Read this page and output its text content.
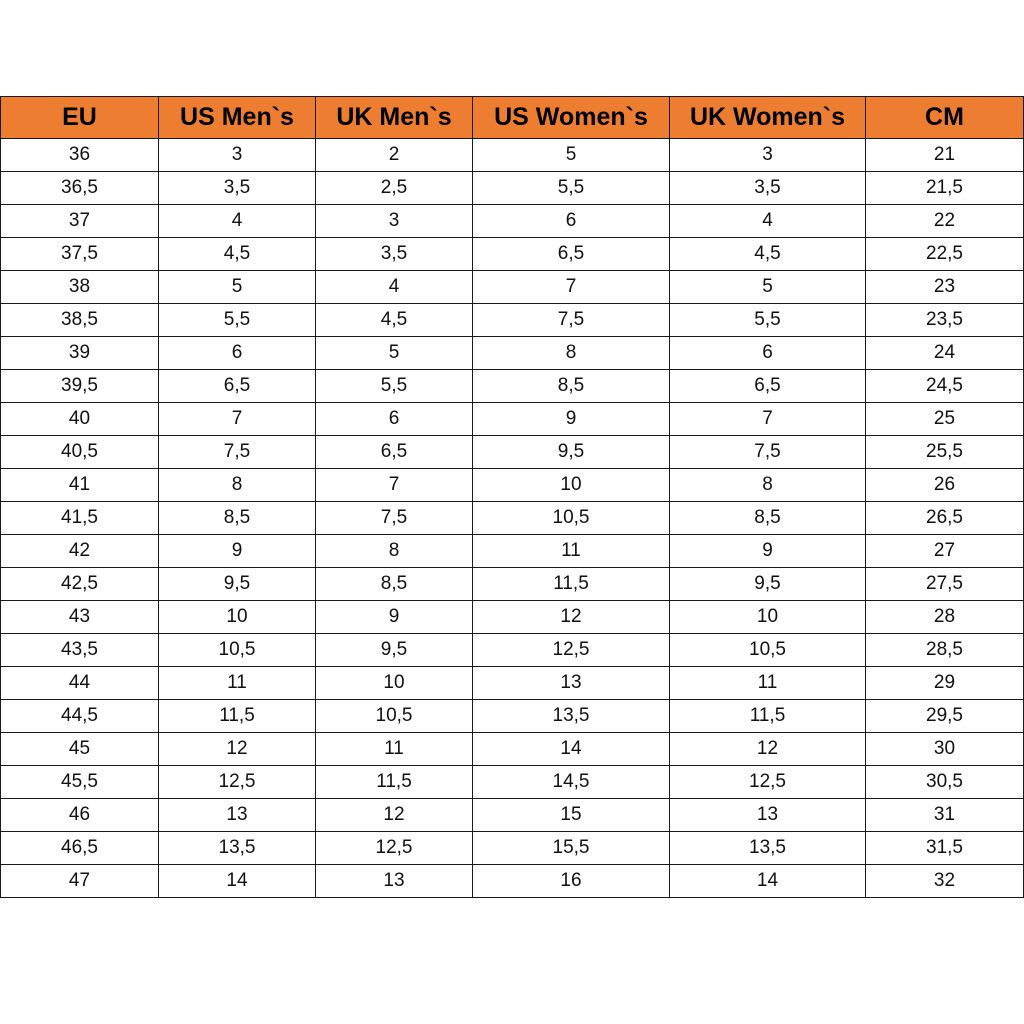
EU	US Men`s	UK Men`s	US Women`s	UK Women`s	CM
36	3	2	5	3	21
36,5	3,5	2,5	5,5	3,5	21,5
37	4	3	6	4	22
37,5	4,5	3,5	6,5	4,5	22,5
38	5	4	7	5	23
38,5	5,5	4,5	7,5	5,5	23,5
39	6	5	8	6	24
39,5	6,5	5,5	8,5	6,5	24,5
40	7	6	9	7	25
40,5	7,5	6,5	9,5	7,5	25,5
41	8	7	10	8	26
41,5	8,5	7,5	10,5	8,5	26,5
42	9	8	11	9	27
42,5	9,5	8,5	11,5	9,5	27,5
43	10	9	12	10	28
43,5	10,5	9,5	12,5	10,5	28,5
44	11	10	13	11	29
44,5	11,5	10,5	13,5	11,5	29,5
45	12	11	14	12	30
45,5	12,5	11,5	14,5	12,5	30,5
46	13	12	15	13	31
46,5	13,5	12,5	15,5	13,5	31,5
47	14	13	16	14	32
